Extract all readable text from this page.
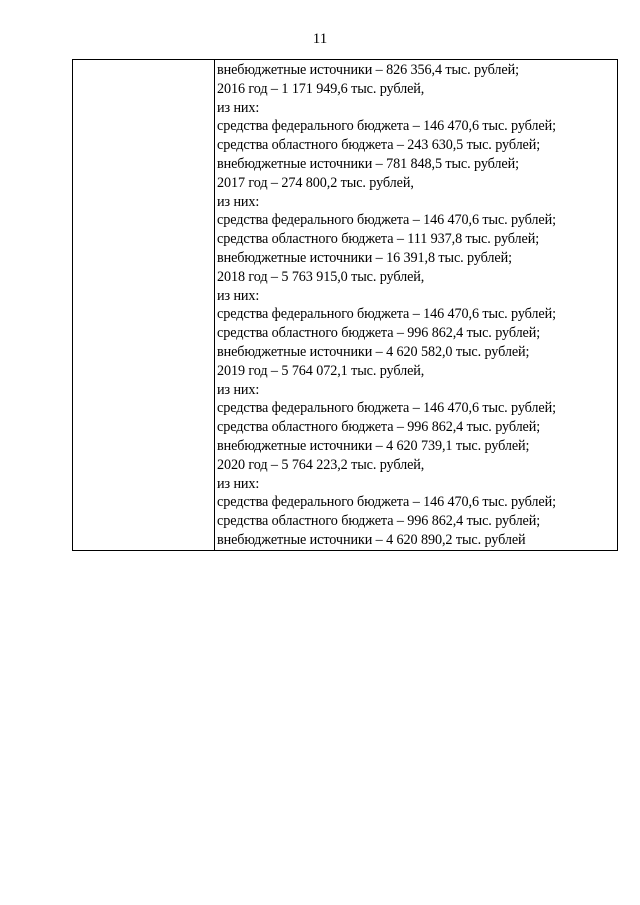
11

внебюджетные источники – 826 356,4 тыс. рублей;
2016 год – 1 171 949,6 тыс. рублей,
из них:
средства федерального бюджета – 146 470,6 тыс. рублей;
средства областного бюджета – 243 630,5 тыс. рублей;
внебюджетные источники – 781 848,5 тыс. рублей;
2017 год – 274 800,2 тыс. рублей,
из них:
средства федерального бюджета – 146 470,6 тыс. рублей;
средства областного бюджета – 111 937,8 тыс. рублей;
внебюджетные источники – 16 391,8 тыс. рублей;
2018 год – 5 763 915,0 тыс. рублей,
из них:
средства федерального бюджета – 146 470,6 тыс. рублей;
средства областного бюджета – 996 862,4 тыс. рублей;
внебюджетные источники – 4 620 582,0 тыс. рублей;
2019 год – 5 764 072,1 тыс. рублей,
из них:
средства федерального бюджета – 146 470,6 тыс. рублей;
средства областного бюджета – 996 862,4 тыс. рублей;
внебюджетные источники – 4 620 739,1 тыс. рублей;
2020 год – 5 764 223,2 тыс. рублей,
из них:
средства федерального бюджета – 146 470,6 тыс. рублей;
средства областного бюджета – 996 862,4 тыс. рублей;
внебюджетные источники – 4 620 890,2 тыс. рублей
